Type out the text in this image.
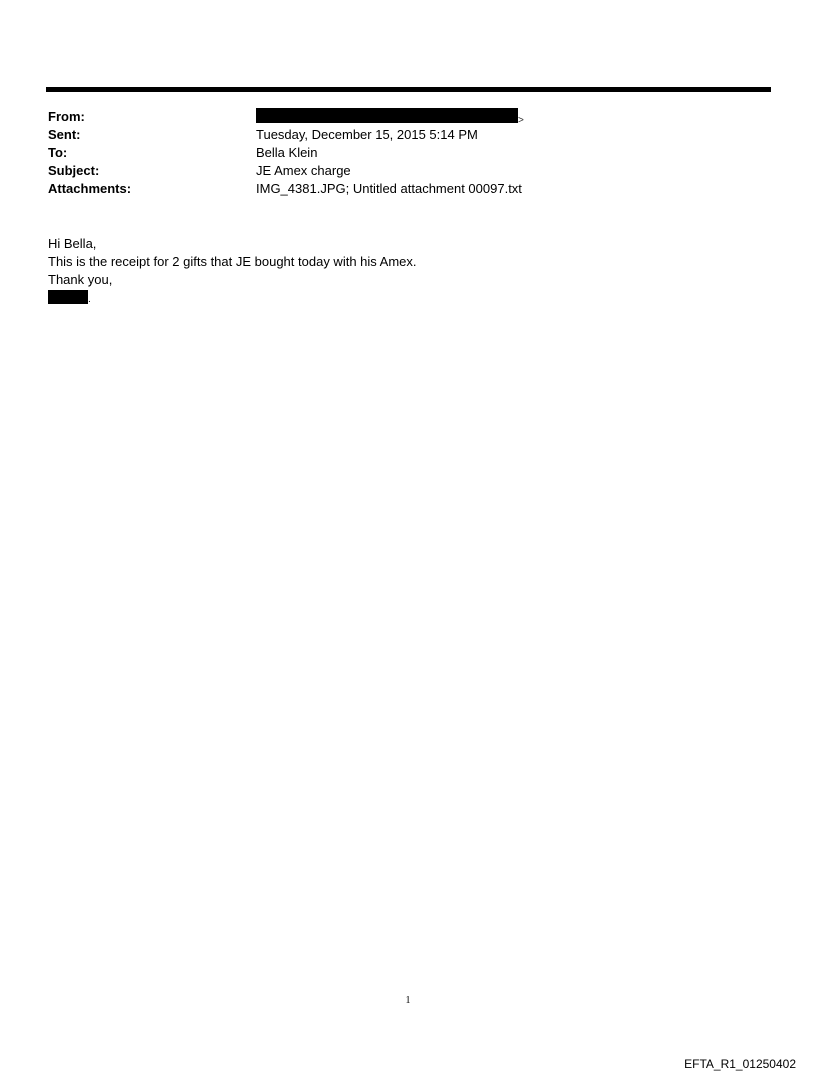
From:	>
Sent:	Tuesday, December 15, 2015 5:14 PM
To:	Bella Klein
Subject:	JE Amex charge
Attachments:	IMG_4381.JPG; Untitled attachment 00097.txt
Hi Bella,
This is the receipt for 2 gifts that JE bought today with his Amex.
Thank you,
.
1
EFTA_R1_01250402
